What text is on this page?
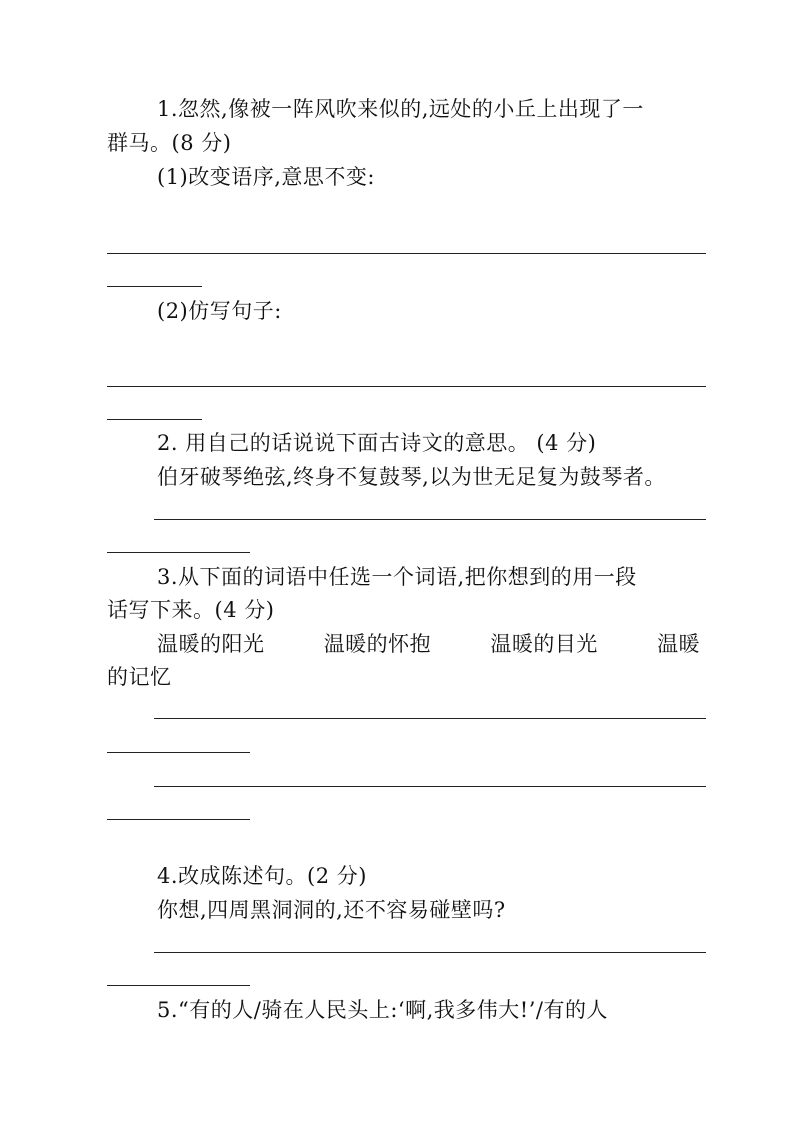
1.忽然,像被一阵风吹来似的,远处的小丘上出现了一
群马。(8 分)
(1)改变语序,意思不变:
(2)仿写句子:
2. 用自己的话说说下面古诗文的意思。 (4 分)
伯牙破琴绝弦,终身不复鼓琴,以为世无足复为鼓琴者。
3.从下面的词语中任选一个词语,把你想到的用一段
话写下来。(4 分)
温暖的阳光	温暖的怀抱	温暖的目光	温暖
的记忆
4.改成陈述句。(2 分)
你想,四周黑洞洞的,还不容易碰壁吗?
5.“有的人/骑在人民头上:‘啊,我多伟大!’/有的人
